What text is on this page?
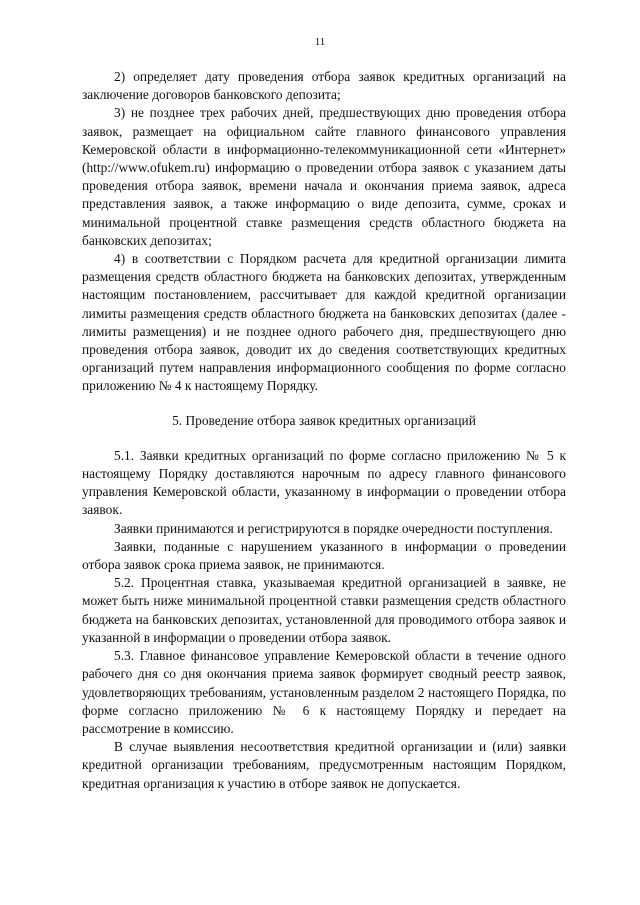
11

2) определяет дату проведения отбора заявок кредитных организаций на заключение договоров банковского депозита;

3) не позднее трех рабочих дней, предшествующих дню проведения отбора заявок, размещает на официальном сайте главного финансового управления Кемеровской области в информационно-телекоммуникационной сети «Интернет» (http://www.ofukem.ru) информацию о проведении отбора заявок с указанием даты проведения отбора заявок, времени начала и окончания приема заявок, адреса представления заявок, а также информацию о виде депозита, сумме, сроках и минимальной процентной ставке размещения средств областного бюджета на банковских депозитах;

4) в соответствии с Порядком расчета для кредитной организации лимита размещения средств областного бюджета на банковских депозитах, утвержденным настоящим постановлением, рассчитывает для каждой кредитной организации лимиты размещения средств областного бюджета на банковских депозитах (далее - лимиты размещения) и не позднее одного рабочего дня, предшествующего дню проведения отбора заявок, доводит их до сведения соответствующих кредитных организаций путем направления информационного сообщения по форме согласно приложению № 4 к настоящему Порядку.

5. Проведение отбора заявок кредитных организаций

5.1. Заявки кредитных организаций по форме согласно приложению № 5 к настоящему Порядку доставляются нарочным по адресу главного финансового управления Кемеровской области, указанному в информации о проведении отбора заявок.

Заявки принимаются и регистрируются в порядке очередности поступления.

Заявки, поданные с нарушением указанного в информации о проведении отбора заявок срока приема заявок, не принимаются.

5.2. Процентная ставка, указываемая кредитной организацией в заявке, не может быть ниже минимальной процентной ставки размещения средств областного бюджета на банковских депозитах, установленной для проводимого отбора заявок и указанной в информации о проведении отбора заявок.

5.3. Главное финансовое управление Кемеровской области в течение одного рабочего дня со дня окончания приема заявок формирует сводный реестр заявок, удовлетворяющих требованиям, установленным разделом 2 настоящего Порядка, по форме согласно приложению № 6 к настоящему Порядку и передает на рассмотрение в комиссию.

В случае выявления несоответствия кредитной организации и (или) заявки кредитной организации требованиям, предусмотренным настоящим Порядком, кредитная организация к участию в отборе заявок не допускается.
